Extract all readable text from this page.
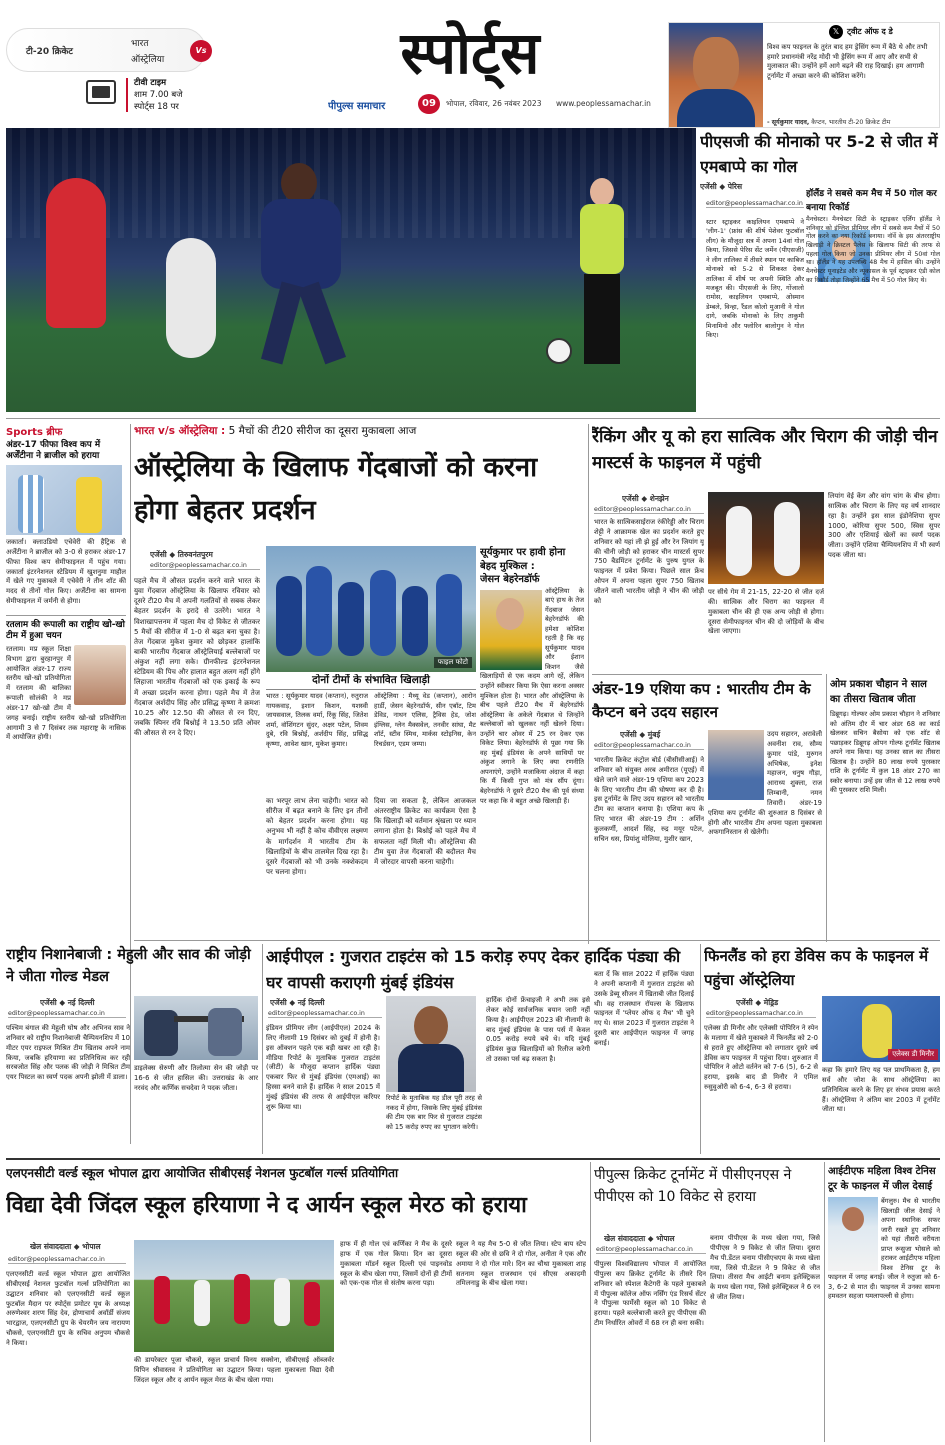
टी-20 क्रिकेट
भारत
ऑस्ट्रेलिया
Vs
टीवी टाइम
शाम 7.00 बजे
स्पोर्ट्स 18 पर
स्पोर्ट्स
पीपुल्स समाचार	09	भोपाल, रविवार, 26 नवंबर 2023 www.peoplessamachar.in
𝕏 ट्वीट ऑफ द डे
विश्व कप फाइनल के तुरंत बाद हम ड्रेसिंग रूम में बैठे थे और तभी हमारे प्रधानमंत्री नरेंद्र मोदी भी ड्रेसिंग रूम में आए और सभी से मुलाकात की। उन्होंने हमें आगे बढ़ने की राह दिखाई। हम आगामी टूर्नामेंट में अच्छा करने की कोशिश करेंगे।
- सूर्यकुमार यादव, कैप्टन, भारतीय टी-20 क्रिकेट टीम
पीएसजी की मोनाको पर 5-2 से जीत में एमबाप्पे का गोल
एजेंसी ◆ पेरिस
हॉलैंड ने सबसे कम मैच में 50 गोल कर बनाया रिकॉर्ड
मैनचेस्टर। मैनचेस्टर सिटी के स्ट्राइकर एर्लिंग हॉलैंड ने शनिवार को इंग्लिश प्रीमियर लीग में सबसे कम मैचों में 50 गोल करने का नया रिकॉर्ड बनाया। नॉर्वे के इस अंतरराष्ट्रीय खिलाड़ी ने क्रिस्टल पैलेस के खिलाफ सिटी की तरफ से पहला गोल किया जो उनका प्रीमियर लीग में 50वां गोल था। हॉलैंड ने यह उपलब्धि 48 मैच में हासिल की। उन्होंने मैनचेस्टर यूनाइटेड और न्यूकासल के पूर्व स्ट्राइकर एंडी कोल का रिकॉर्ड तोड़ा जिन्होंने 65 मैच में 50 गोल किए थे।
editor@peoplessamachar.co.in
स्टार स्ट्राइकर काइलियन एमबाप्पे ने 'लीग-1' (फ्रांस की शीर्ष पेशेवर फुटबॉल लीग) के मौजूदा सत्र में अपना 14वां गोल किया, जिससे पेरिस सेंट जर्मेन (पीएसजी) ने लीग तालिका में तीसरे स्थान पर काबिज मोनाको को 5-2 से शिकस्त देकर तालिका में शीर्ष पर अपनी स्थिति और मजबूत की। पीएसजी के लिए, गोंजालो रामोस, काइलियन एमबाप्पे, ओस्मान डेम्बले, विन्हा, रैंडल कोलो मुआनी ने गोल दागे, जबकि मोनाको के लिए ताकुमी मिनामिनो और फ्लोरिन बालोगुन ने गोल किए।
Sports ब्रीफ
अंडर-17 फीफा विश्व कप में अर्जेंटीना ने ब्राजील को हराया
जकार्ता। क्लाउडियो एचेवेरी की हैट्रिक से अर्जेंटीना ने ब्राजील को 3-0 से हराकर अंडर-17 फीफा विश्व कप सेमीफाइनल में पहुंच गया। जकार्ता इंटरनेशनल स्टेडियम में खुशनुमा माहौल में खेले गए मुकाबले में एचेवेरी ने तीन शॉट की मदद से तीनों गोल किए। अर्जेंटीना का सामना सेमीफाइनल में जर्मनी से होगा।
रतलाम की रूपाली का राष्ट्रीय खो-खो टीम में हुआ चयन
रतलाम। मप्र स्कूल शिक्षा विभाग द्वारा बुरहानपुर में आयोजित अंडर-17 राज्य स्तरीय खो-खो प्रतियोगिता में रतलाम की बालिका रूपाली सोलंकी ने मप्र अंडर-17 खो-खो टीम में जगह बनाई। राष्ट्रीय स्तरीय खो-खो प्रतियोगिता आगामी 3 से 7 दिसंबर तक महाराष्ट्र के नासिक में आयोजित होगी।
भारत v/s ऑस्ट्रेलिया : 5 मैचों की टी20 सीरीज का दूसरा मुकाबला आज
ऑस्ट्रेलिया के खिलाफ गेंदबाजों को करना होगा बेहतर प्रदर्शन
एजेंसी ◆ तिरुवनंतपुरम
editor@peoplessamachar.co.in
पहले मैच में औसत प्रदर्शन करने वाले भारत के युवा गेंदबाज ऑस्ट्रेलिया के खिलाफ रविवार को दूसरे टी20 मैच में अपनी गलतियों से सबक लेकर बेहतर प्रदर्शन के इरादे से उतरेंगे। भारत ने विशाखापत्तनम में पहला मैच दो विकेट से जीतकर 5 मैचों की सीरीज में 1-0 से बढ़त बना चुका है। तेज गेंदबाज मुकेश कुमार को छोड़कर हालांकि बाकी भारतीय गेंदबाज ऑस्ट्रेलियाई बल्लेबाजों पर अंकुश नहीं लगा सके। ग्रीनफील्ड इंटरनेशनल स्टेडियम की पिच और हालात बहुत अलग नहीं होंगे लिहाजा भारतीय गेंदबाजों को एक इकाई के रूप में अच्छा प्रदर्शन करना होगा। पहले मैच में तेज गेंदबाज अर्शदीप सिंह और प्रसिद्ध कृष्णा ने क्रमशः 10.25 और 12.50 की औसत से रन दिए, जबकि स्पिनर रवि बिश्नोई ने 13.50 प्रति ओवर की औसत से रन दे दिए।
फाइल फोटो
दोनों टीमों के संभावित खिलाड़ी
भारत : सूर्यकुमार यादव (कप्तान), रुतुराज गायकवाड़, इशान किशन, यशस्वी जायसवाल, तिलक वर्मा, रिंकू सिंह, जितेश शर्मा, वॉशिंगटन सुंदर, अक्षर पटेल, शिवम दुबे, रवि बिश्नोई, अर्शदीप सिंह, प्रसिद्ध कृष्णा, आवेश खान, मुकेश कुमार।
ऑस्ट्रेलिया : मैथ्यू वेड (कप्तान), आरोन हार्डी, जेसन बेहरेनडॉर्फ, सीन एबॉट, टिम डेविड, नाथन एलिस, ट्रैविस हेड, जोश इंग्लिस, ग्लेन मैक्सवेल, तनवीर सांघा, मैट शॉर्ट, स्टीव स्मिथ, मार्कस स्टोइनिस, केन रिचर्डसन, एडम जम्पा।
का भरपूर लाभ लेना चाहेगी। भारत को सीरीज में बढ़त बनाने के लिए इन तीनों को बेहतर प्रदर्शन करना होगा। यह अनुभव भी नहीं है कोच वीवीएस लक्ष्मण के मार्गदर्शन में भारतीय टीम के खिलाड़ियों के बीच तालमेल दिख रहा है। दूसरे गेंदबाजों को भी उनके नक्शेकदम पर चलना होगा।
दिया जा सकता है, लेकिन आजकल अंतरराष्ट्रीय क्रिकेट का कार्यक्रम ऐसा है कि खिलाड़ी को वर्तमान श्रृंखला पर ध्यान लगाना होता है। बिश्नोई को पहले मैच में सफलता नहीं मिली थी। ऑस्ट्रेलिया की टीम युवा तेज गेंदबाजों की बदौलत मैच में जोरदार वापसी करना चाहेगी।
सूर्यकुमार पर हावी होना बेहद मुश्किल :
जेसन बेहरेनडॉर्फ
ऑस्ट्रेलिया के बाएं हाथ के तेज गेंदबाज जेसन बेहरेनडॉर्फ की हमेशा कोशिश रहती है कि वह सूर्यकुमार यादव और ईशान किशन जैसे खिलाड़ियों से एक कदम आगे रहें, लेकिन उन्होंने स्वीकार किया कि ऐसा करना अक्सर मुश्किल होता है। भारत और ऑस्ट्रेलिया के बीच पहले टी20 मैच में बेहरेनडॉर्फ ऑस्ट्रेलिया के अकेले गेंदबाज थे जिन्होंने बल्लेबाजों को खुलकर नहीं खेलने दिया। उन्होंने चार ओवर में 25 रन देकर एक विकेट लिया। बेहरेनडॉर्फ से पूछा गया कि वह मुंबई इंडियंस के अपने साथियों पर अंकुश लगाने के लिए क्या रणनीति अपनाएंगे, उन्होंने मजाकिया अंदाज में कहा कि मैं किसी गुप्त को मंत्र सौंप दूंगा। बेहरेनडॉर्फ ने दूसरे टी20 मैच की पूर्व संध्या पर कहा कि वे बहुत अच्छे खिलाड़ी हैं।
रैंकिंग और यू को हरा सात्विक और चिराग की जोड़ी चीन मास्टर्स के फाइनल में पहुंची
एजेंसी ◆ शेनझेन
editor@peoplessamachar.co.in
भारत के सात्विकसाईराज रंकीरेड्डी और चिराग शेट्टी ने आक्रामक खेल का प्रदर्शन करते हुए शनिवार को यहां ली झे हुई और रेन जियांग यू की चीनी जोड़ी को हराकर चीन मास्टर्स सुपर 750 बैडमिंटन टूर्नामेंट के पुरुष युगल के फाइनल में प्रवेश किया। पिछले साल फ्रेंच ओपन में अपना पहला सुपर 750 खिताब जीतने वाली भारतीय जोड़ी ने चीन की जोड़ी को
पर सीधे गेम में 21-15, 22-20 से जीत दर्ज की। सात्विक और चिराग का फाइनल में मुकाबला चीन की ही एक अन्य जोड़ी से होगा। दूसरा सेमीफाइनल चीन की दो जोड़ियों के बीच खेला जाएगा।
लियांग वेई केंग और वांग चांग के बीच होगा। सात्विक और चिराग के लिए यह वर्ष शानदार रहा है। उन्होंने इस साल इंडोनेशिया सुपर 1000, कोरिया सुपर 500, स्विस सुपर 300 और एशियाई खेलों का स्वर्ण पदक जीता। उन्होंने एशिया चैम्पियनशिप में भी स्वर्ण पदक जीता था।
अंडर-19 एशिया कप : भारतीय टीम के कैप्टन बने उदय सहारन
एजेंसी ◆ मुंबई
editor@peoplessamachar.co.in
भारतीय क्रिकेट कंट्रोल बोर्ड (बीसीसीआई) ने शनिवार को संयुक्त अरब अमीरात (यूएई) में खेले जाने वाले अंडर-19 एशिया कप 2023 के लिए भारतीय टीम की घोषणा कर दी है। इस टूर्नामेंट के लिए उदय सहारन को भारतीय टीम का कप्तान बनाया है। एशिया कप के लिए भारत की अंडर-19 टीम : अर्शिन कुलकर्णी, आदर्श सिंह, रुद्र मयूर पटेल, सचिन धस, प्रियांशु मोलिया, मुशीर खान,
उदय सहारन, अरावेली अवनीश राव, सौम्य कुमार पांडे, मुरुगन अभिषेक, इनेश महाजन, धनुष गौड़ा, आराध्य शुक्ला, राज लिम्बानी, नमन तिवारी। अंडर-19 एशिया कप टूर्नामेंट की शुरुआत 8 दिसंबर से होगी और भारतीय टीम अपना पहला मुकाबला अफगानिस्तान से खेलेगी।
ओम प्रकाश चौहान ने साल का तीसरा खिताब जीता
डिब्रूगढ़। गोल्फर ओम प्रकाश चौहान ने शनिवार को अंतिम दौर में चार अंडर 68 का कार्ड खेलकर सचिन बैसोया को एक शॉट से पछाड़कर डिब्रूगढ़ ओपन गोल्फ टूर्नामेंट खिताब अपने नाम किया। यह उनका साल का तीसरा खिताब है। उन्होंने 80 लाख रुपये पुरस्कार राशि के टूर्नामेंट में कुल 18 अंडर 270 का स्कोर बनाया। उन्हें इस जीत से 12 लाख रुपये की पुरस्कार राशि मिली।
राष्ट्रीय निशानेबाजी : मेहुली और साव की जोड़ी ने जीता गोल्ड मेडल
एजेंसी ◆ नई दिल्ली
editor@peoplessamachar.co.in
पश्चिम बंगाल की मेहुली घोष और अभिनव साव ने शनिवार को राष्ट्रीय निशानेबाजी चैम्पियनशिप में 10 मीटर एयर राइफल मिश्रित टीम खिताब अपने नाम किया, जबकि हरियाणा का प्रतिनिधित्व कर रही सरबजोत सिंह और पलक की जोड़ी ने मिश्रित टीम एयर पिस्टल का स्वर्ण पदक अपनी झोली में डाला।
डाइलेक्स सेरुणी और तिलोत्मा सेन की जोड़ी पर 16-6 से जीत हासिल की। उत्तराखंड के आर नरवंद और कर्णिक सचदेवा ने पदक जीता।
आईपीएल : गुजरात टाइटंस को 15 करोड़ रुपए देकर हार्दिक पंड्या की घर वापसी कराएगी मुंबई इंडियंस
एजेंसी ◆ नई दिल्ली
editor@peoplessamachar.co.in
इंडियन प्रीमियर लीग (आईपीएल) 2024 के लिए नीलामी 19 दिसंबर को दुबई में होनी है। इस ऑक्शन पहले एक बड़ी खबर आ रही है। मीडिया रिपोर्ट के मुताबिक गुजरात टाइटंस (जीटी) के मौजूदा कप्तान हार्दिक पंड्या एकबार फिर से मुंबई इंडियंस (एमआई) का हिस्सा बनने वाले हैं। हार्दिक ने साल 2015 में मुंबई इंडियंस की तरफ से आईपीएल करियर शुरू किया था।
रिपोर्ट के मुताबिक यह डील पूरी तरह से नकद में होगा, जिसके लिए मुंबई इंडियंस की टीम एक बार फिर से गुजरात टाइटंस को 15 करोड़ रुपए का भुगतान करेगी।
हार्दिक दोनों फ्रेंचाइजी ने अभी तक इसे लेकर कोई सार्वजनिक बयान जारी नहीं किया है। आईपीएल 2023 की नीलामी के बाद मुंबई इंडियंस के पास पर्स में केवल 0.05 करोड़ रुपये बचे थे। यदि मुंबई इंडियंस कुछ खिलाड़ियों को रिलीज करेगी तो उसका पर्स बढ़ सकता है।
बता दें कि साल 2022 में हार्दिक पंड्या ने अपनी कप्तानी में गुजरात टाइटंस को उसके डेब्यू सीजन में खिताबी जीत दिलाई थी। वह राजस्थान रॉयल्स के खिलाफ फाइनल में 'प्लेयर ऑफ द मैच' भी चुने गए थे। साल 2023 में गुजरात टाइटंस ने दूसरी बार आईपीएल फाइनल में जगह बनाई।
फिनलैंड को हरा डेविस कप के फाइनल में पहुंचा ऑस्ट्रेलिया
एजेंसी ◆ मेड्रिड
editor@peoplessamachar.co.in
एलेक्स डी मिनौर और एलेक्सी पोपिरिन ने स्पेन के मलागा में खेले मुकाबले में फिनलैंड को 2-0 से हराते हुए ऑस्ट्रेलिया को लगातार दूसरे वर्ष डेविस कप फाइनल में पहुंचा दिया। शुरुआत में पोपिरिन ने ओटो वर्तनेन को 7-6 (5), 6-2 से हराया, इसके बाद डी मिनौर ने एमिल रुसुवुओरी को 6-4, 6-3 से हराया।
एलेक्स डी मिनौर
कहा कि हमारे लिए यह पल प्राथमिकता है, हम सर्व और जोश के साथ ऑस्ट्रेलिया का प्रतिनिधित्व करने के लिए हर संभव प्रयास करते हैं। ऑस्ट्रेलिया ने अंतिम बार 2003 में टूर्नामेंट जीता था।
एलएनसीटी वर्ल्ड स्कूल भोपाल द्वारा आयोजित सीबीएसई नेशनल फुटबॉल गर्ल्स प्रतियोगिता
विद्या देवी जिंदल स्कूल हरियाणा ने द आर्यन स्कूल मेरठ को हराया
खेल संवाददाता ◆ भोपाल
editor@peoplessamachar.co.in
एलएनसीटी वर्ल्ड स्कूल भोपाल द्वारा आयोजित सीबीएसई नेशनल फुटबॉल गर्ल्स प्रतियोगिता का उद्घाटन शनिवार को एलएनसीटी वर्ल्ड स्कूल फुटबॉल मैदान पर स्पोर्ट्स प्रमोटर यूथ के अध्यक्ष अरुणेश्वर शरण सिंह देव, द्रोणाचार्य अवॉर्डी संजय भारद्वाज, एलएनसीटी ग्रुप के चेयरमैन जय नारायण चौकसे, एलएनसीटी ग्रुप के सचिव अनुपम चौकसे ने किया।
की डायरेक्टर पूजा चौकसे, स्कूल प्राचार्य विनय सक्सेना, सीबीएसई ऑब्जर्वर विपिन श्रीवास्तव ने प्रतियोगिता का उद्घाटन किया। पहला मुकाबला विद्या देवी जिंदल स्कूल और द आर्यन स्कूल मेरठ के बीच खेला गया।
हाफ में ही गोल एवं कर्णिका ने मैच के दूसरे हाफ में एक गोल किया। दिन का दूसरा मुकाबला मॉडर्न स्कूल दिल्ली एवं पाइनवोड स्कूल के बीच खेला गया, जिसमें दोनों ही टीमों को एक-एक गोल से संतोष करना पड़ा।
स्कूल ने यह मैच 5-0 से जीत लिया। स्टेप बाय स्टेप स्कूल की ओर से छवि ने दो गोल, अनीता ने एक और अमाया ने दो गोल मारे। दिन का चौथा मुकाबला शाह सतनाम स्कूल राजस्थान एवं सीएस अकादमी तमिलनाडु के बीच खेला गया।
पीपुल्स क्रिकेट टूर्नामेंट में पीसीएनएस ने पीपीएस को 10 विकेट से हराया
खेल संवाददाता ◆ भोपाल
editor@peoplessamachar.co.in
पीपुल्स विश्वविद्यालय भोपाल में आयोजित पीपुल्स कप क्रिकेट टूर्नामेंट के तीसरे दिन शनिवार को स्पेशल कैटेगरी के पहले मुकाबले में पीपुल्स कॉलेज ऑफ नर्सिंग एंड रिसर्च सेंटर ने पीपुल्स फार्मेसी स्कूल को 10 विकेट से हराया। पहले बल्लेबाजी करते हुए पीपीएस की टीम निर्धारित ओवरों में 68 रन ही बना सकी।
बनाम पीपीएस के मध्य खेला गया, जिसे पीपीएस ने 9 विकेट से जीत लिया। दूसरा मैच पी.डेंटल बनाम पीसीएचएम के मध्य खेला गया, जिसे पी.डेंटल ने 9 विकेट से जीत लिया। तीसरा मैच आईटी बनाम इलेक्ट्रिकल के मध्य खेला गया, जिसे इलेक्ट्रिकल ने 6 रन से जीत लिया।
आईटीएफ महिला विश्व टेनिस टूर के फाइनल में जील देसाई
बेंगलुरु। मैच से भारतीय खिलाड़ी जील देसाई ने अपना स्थानिक सफर जारी रखते हुए शनिवार को यहां तीसरी वरीयता प्राप्त रूसुजा भोसले को हराकर आईटीएफ महिला विश्व टेनिस टूर के फाइनल में जगह बनाई। जील ने रुतुजा को 6-3, 6-2 से मात दी। फाइनल में उनका सामना हमवतन सहजा यमलापल्ली से होगा।
